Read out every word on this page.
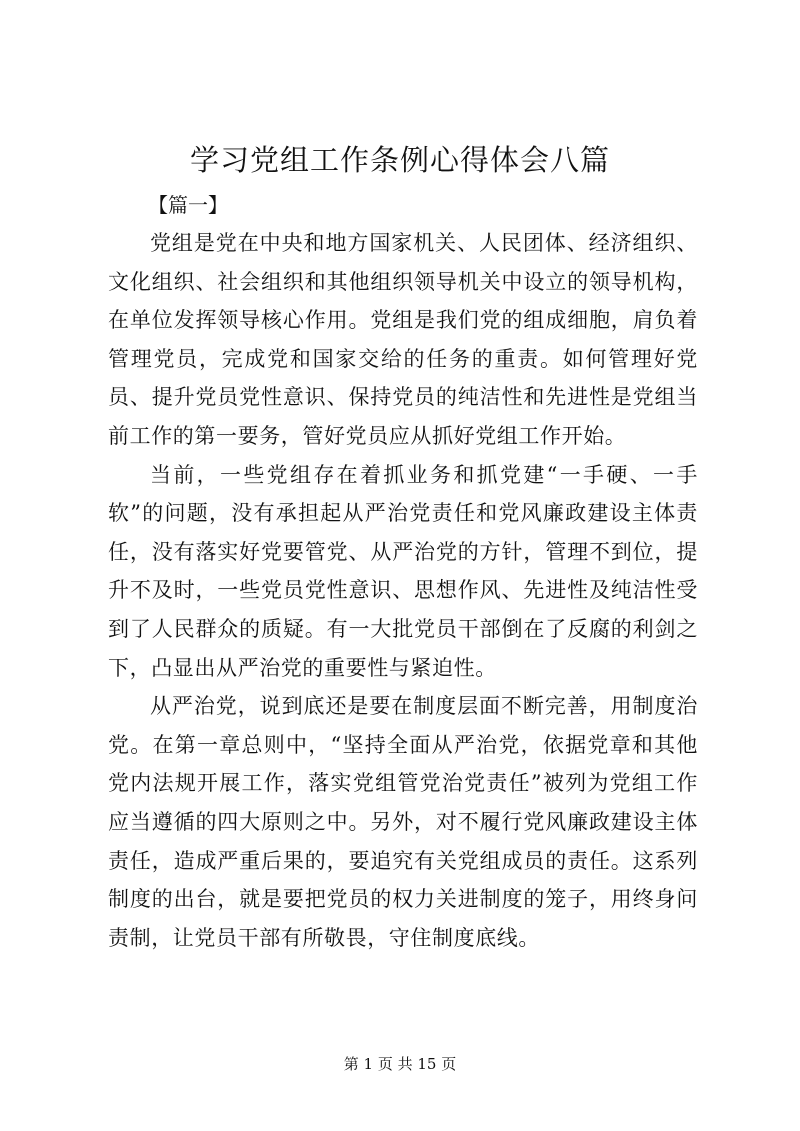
学习党组工作条例心得体会八篇

【篇一】

党组是党在中央和地方国家机关、人民团体、经济组织、文化组织、社会组织和其他组织领导机关中设立的领导机构，在单位发挥领导核心作用。党组是我们党的组成细胞，肩负着管理党员，完成党和国家交给的任务的重责。如何管理好党员、提升党员党性意识、保持党员的纯洁性和先进性是党组当前工作的第一要务，管好党员应从抓好党组工作开始。

当前，一些党组存在着抓业务和抓党建“一手硬、一手软”的问题，没有承担起从严治党责任和党风廉政建设主体责任，没有落实好党要管党、从严治党的方针，管理不到位，提升不及时，一些党员党性意识、思想作风、先进性及纯洁性受到了人民群众的质疑。有一大批党员干部倒在了反腐的利剑之下，凸显出从严治党的重要性与紧迫性。

从严治党，说到底还是要在制度层面不断完善，用制度治党。在第一章总则中，“坚持全面从严治党，依据党章和其他党内法规开展工作，落实党组管党治党责任”被列为党组工作应当遵循的四大原则之中。另外，对不履行党风廉政建设主体责任，造成严重后果的，要追究有关党组成员的责任。这系列制度的出台，就是要把党员的权力关进制度的笼子，用终身问责制，让党员干部有所敬畏，守住制度底线。

第 1 页 共 15 页
